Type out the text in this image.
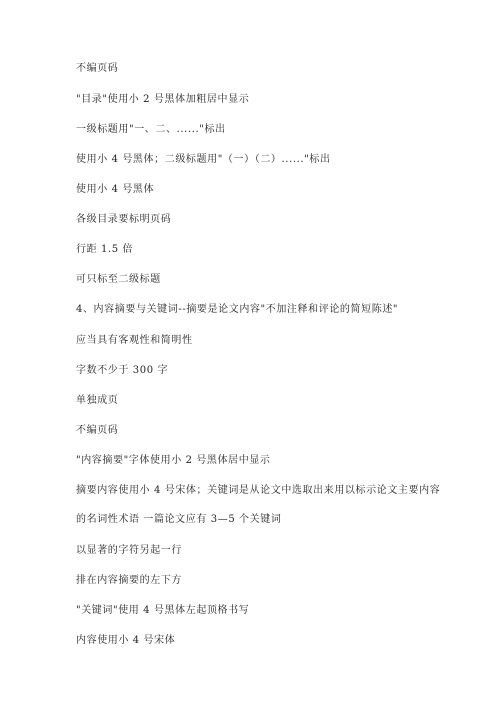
不编页码
"目录"使用小 2 号黑体加粗居中显示
一级标题用"一、二、......"标出
使用小 4 号黑体；二级标题用"（一）（二）......"标出
使用小 4 号黑体
各级目录要标明页码
行距 1.5 倍
可只标至二级标题
4、内容摘要与关键词--摘要是论文内容"不加注释和评论的简短陈述"
应当具有客观性和简明性
字数不少于 300 字
单独成页
不编页码
"内容摘要"字体使用小 2 号黑体居中显示
摘要内容使用小 4 号宋体；关键词是从论文中选取出来用以标示论文主要内容
的名词性术语 一篇论文应有 3—5 个关键词
以显著的字符另起一行
排在内容摘要的左下方
"关键词"使用 4 号黑体左起顶格书写
内容使用小 4 号宋体
